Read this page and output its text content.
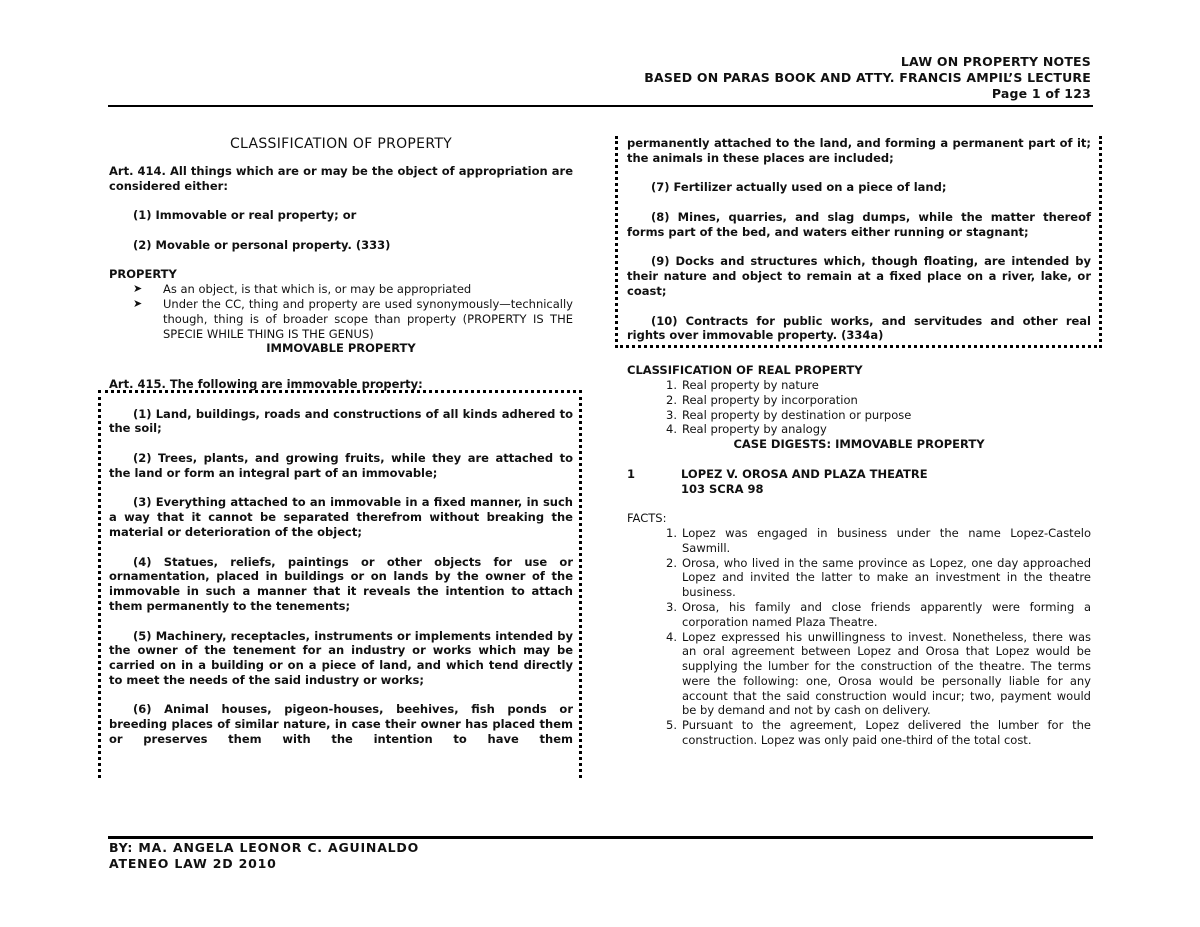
LAW ON PROPERTY NOTES
BASED ON PARAS BOOK AND ATTY. FRANCIS AMPIL’S LECTURE
Page 1 of 123
CLASSIFICATION OF PROPERTY

Art. 414. All things which are or may be the object of appropriation are considered either:

(1) Immovable or real property; or

(2) Movable or personal property. (333)

PROPERTY

➤ As an object, is that which is, or may be appropriated
➤ Under the CC, thing and property are used synonymously—technically though, thing is of broader scope than property (PROPERTY IS THE SPECIE WHILE THING IS THE GENUS)

IMMOVABLE PROPERTY

Art. 415. The following are immovable property:

(1) Land, buildings, roads and constructions of all kinds adhered to the soil;

(2) Trees, plants, and growing fruits, while they are attached to the land or form an integral part of an immovable;

(3) Everything attached to an immovable in a fixed manner, in such a way that it cannot be separated therefrom without breaking the material or deterioration of the object;

(4) Statues, reliefs, paintings or other objects for use or ornamentation, placed in buildings or on lands by the owner of the immovable in such a manner that it reveals the intention to attach them permanently to the tenements;

(5) Machinery, receptacles, instruments or implements intended by the owner of the tenement for an industry or works which may be carried on in a building or on a piece of land, and which tend directly to meet the needs of the said industry or works;

(6) Animal houses, pigeon-houses, beehives, fish ponds or breeding places of similar nature, in case their owner has placed them or preserves them with the intention to have them

permanently attached to the land, and forming a permanent part of it; the animals in these places are included;

(7) Fertilizer actually used on a piece of land;

(8) Mines, quarries, and slag dumps, while the matter thereof forms part of the bed, and waters either running or stagnant;

(9) Docks and structures which, though floating, are intended by their nature and object to remain at a fixed place on a river, lake, or coast;

(10) Contracts for public works, and servitudes and other real rights over immovable property. (334a)

CLASSIFICATION OF REAL PROPERTY

1. Real property by nature
2. Real property by incorporation
3. Real property by destination or purpose
4. Real property by analogy

CASE DIGESTS: IMMOVABLE PROPERTY

1	LOPEZ V. OROSA AND PLAZA THEATRE
103 SCRA 98

FACTS:

1. Lopez was engaged in business under the name Lopez-Castelo Sawmill.
2. Orosa, who lived in the same province as Lopez, one day approached Lopez and invited the latter to make an investment in the theatre business.
3. Orosa, his family and close friends apparently were forming a corporation named Plaza Theatre.
4. Lopez expressed his unwillingness to invest. Nonetheless, there was an oral agreement between Lopez and Orosa that Lopez would be supplying the lumber for the construction of the theatre. The terms were the following: one, Orosa would be personally liable for any account that the said construction would incur; two, payment would be by demand and not by cash on delivery.
5. Pursuant to the agreement, Lopez delivered the lumber for the construction. Lopez was only paid one-third of the total cost.
BY: MA. ANGELA LEONOR C. AGUINALDO
ATENEO LAW 2D 2010
